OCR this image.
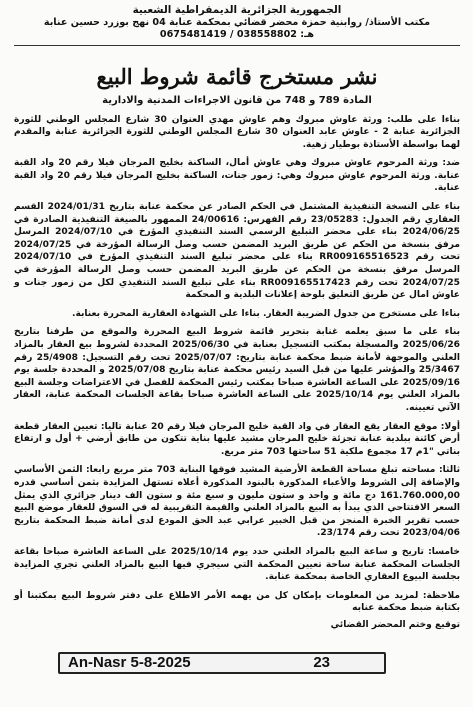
الجمهورية الجزائرية الديمقراطية الشعبية
مكتب الأستاذ/ روابنية حمزة محضر قضائي بمحكمة عنابة 04 نهج بوزرد حسين عنابة
هـ: 038558802 / 0675481419
نشر مستخرج قائمة شروط البيع
المادة 789 و 748 من قانون الاجراءات المدنية والادارية

بناءا على طلب: ورثة عاوش مبروك وهم عاوش مهدي العنوان 30 شارع المجلس الوطني للثورة الجزائرية عنابة 2 - عاوش عابد العنوان 30 شارع المجلس الوطني للثورة الجزائرية عنابة والمقدم لهما بواسطة الأستاذة بوطيار زهية.

ضد: ورثة المرحوم عاوش مبروك وهي عاوش أمال، الساكنة بخليج المرجان فيلا رقم 20 واد القبة عنابة. ورثة المرحوم عاوش مبروك وهي: زمور جنات، الساكنة بخليج المرجان فيلا رقم 20 واد القبة عنابة.

بناء على النسخة التنفيذية المشتمل في الحكم الصادر عن محكمة عنابة بتاريخ 2024/01/31 القسم العقاري رقم الجدول: 23/05283 رقم الفهرس: 24/00616 الممهور بالصيغة التنفيذية الصادرة في 2024/06/25 بناء على محضر التبليغ الرسمي السند التنفيذي المؤرخ في 2024/07/10 المرسل مرفق بنسخة من الحكم عن طريق البريد المضمن حسب وصل الرسالة المؤرخة في 2024/07/25 تحت رقم RR009165516523 بناء على محضر تبليغ السند التنفيذي المؤرخ في 2024/07/10 المرسل مرفق بنسخة من الحكم عن طريق البريد المضمن حسب وصل الرسالة المؤرخة في 2024/07/25 تحت رقم RR009165517423 بناء على تبليغ السند التنفيذي لكل من زمور جنات و عاوش امال عن طريق التعليق بلوحة إعلانات البلدية و المحكمة

بناءا على مستخرج من جدول الضريبة العقار. بناءا على الشهادة العقارية المحررة بعنابة.

بناء على ما سبق يعلمه غنابة بتحرير قائمة شروط البيع المحررة والموقع من طرفنا بتاريخ 2025/06/26 والمسجلة بمكتب التسجيل بعنابة في 2025/06/30 المحددة لشروط بيع العقار بالمزاد العلني والموجهة لأمانة ضبط محكمة عنابة بتاريخ: 2025/07/07 تحت رقم التسجيل: 25/4908 رقم 25/3467 والمؤشر عليها من قبل السيد رئيس محكمة عنابة بتاريخ 2025/07/08 و المحددة جلسة يوم 2025/09/16 على الساعة العاشرة صباحا بمكتب رئيس المحكمة للفصل في الاعتراضات وجلسة البيع بالمزاد العلني يوم 2025/10/14 على الساعة العاشرة صباحا بقاعة الجلسات المحكمة عنابة، العقار الآتي تعيينه.

أولا: موقع العقار يقع العقار في واد القبة خليج المرجان فيلا رقم 20 عنابة تاليا: تعيين العقار قطعة أرض كائنة ببلدية عنابة تجزئة خليج المرجان مشيد عليها بناية تتكون من طابق أرضي + أول و ارتفاع بناتي "1م 17 مجموع ملكية 51 ساحتها 703 متر مربع.

ثالثا: مساحته تبلغ مساحة القطعة الأرضية المشيد فوقها البناية 703 متر مربع رابعا: الثمن الأساسي والإضافة إلى الشروط والأعباء المذكورة بالبنود المذكورة أعلاه تستهل المزايدة بثمن أساسي قدره 161.760.000,00 دج مائة و واحد و ستون مليون و سبع مئة و ستون الف دينار جزائري الذي يمثل السعر الافتتاحي الذي يبدأ به البيع بالمزاد العلني والقيمة التقريبية له في السوق للعقار موضع البيع حسب تقرير الخبرة المنجز من قبل الخبير عرابي عبد الحق المودع لدى أمانة ضبط المحكمة بتاريخ 2023/04/06 تحت رقم 23/174.

خامسا: تاريخ و ساعة البيع بالمزاد العلني حدد يوم 2025/10/14 على الساعة العاشرة صباحا بقاعة الجلسات المحكمة عنابة ساحة تعيين المحكمة التي سيجري فيها البيع بالمزاد العلني تجري المزايدة بجلسة البيوع العقاري الخاصة بمحكمة عنابة.

ملاحظة: لمزيد من المعلومات بإمكان كل من يهمه الأمر الاطلاع على دفتر شروط البيع بمكتبنا أو بكتابة ضبط محكمة عنابه

توقيع وختم المحضر القضائي
An-Nasr 5-8-2025	23
